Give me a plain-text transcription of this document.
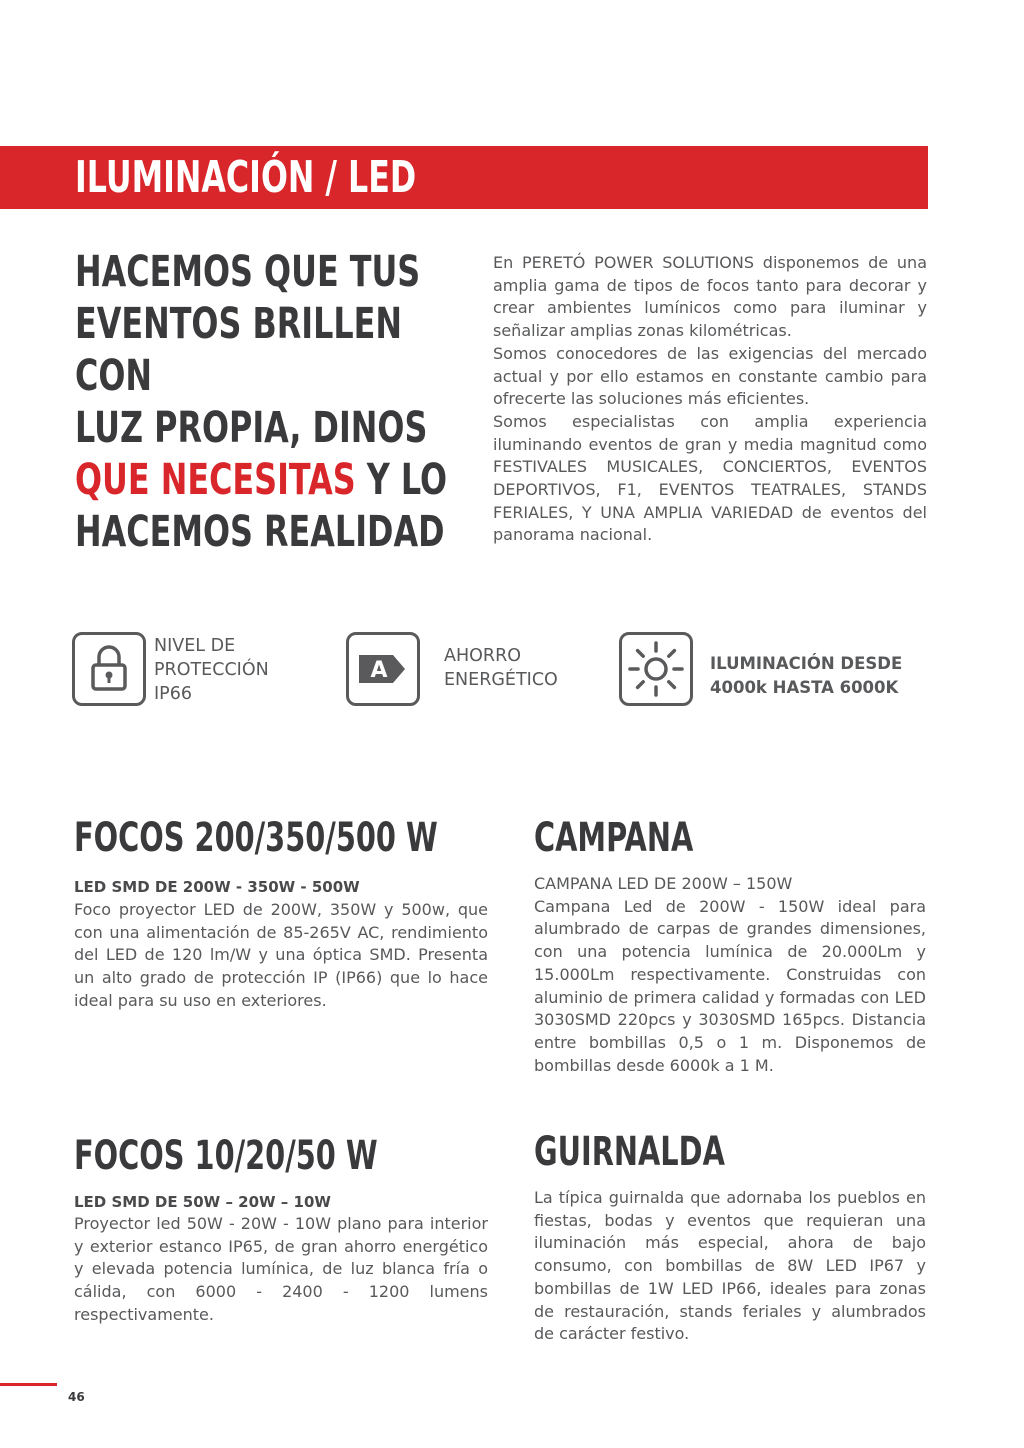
ILUMINACIÓN / LED
HACEMOS QUE TUS
EVENTOS BRILLEN CON
LUZ PROPIA, DINOS
QUE NECESITAS Y LO
HACEMOS REALIDAD

En PERETÓ POWER SOLUTIONS disponemos de una amplia gama de tipos de focos tanto para decorar y crear ambientes lumínicos como para iluminar y señalizar amplias zonas kilométricas.

Somos conocedores de las exigencias del mercado actual y por ello estamos en constante cambio para ofrecerte las soluciones más eficientes.

Somos especialistas con amplia experiencia iluminando eventos de gran y media magnitud como FESTIVALES MUSICALES, CONCIERTOS, EVENTOS DEPORTIVOS, F1, EVENTOS TEATRALES, STANDS FERIALES, Y UNA AMPLIA VARIEDAD de eventos del panorama nacional.

NIVEL DE
PROTECCIÓN
IP66
A
AHORRO
ENERGÉTICO
ILUMINACIÓN DESDE
4000k HASTA 6000K
FOCOS 200/350/500 W
LED SMD DE 200W - 350W - 500W

Foco proyector LED de 200W, 350W y 500w, que con una alimentación de 85-265V AC, rendimiento del LED de 120 lm/W y una óptica SMD. Presenta un alto grado de protección IP (IP66) que lo hace ideal para su uso en exteriores.

CAMPANA

CAMPANA LED DE 200W – 150W

Campana Led de 200W - 150W ideal para alumbrado de carpas de grandes dimensiones, con una potencia lumínica de 20.000Lm y 15.000Lm respectivamente. Construidas con aluminio de primera calidad y formadas con LED 3030SMD 220pcs y 3030SMD 165pcs. Distancia entre bombillas 0,5 o 1 m. Disponemos de bombillas desde 6000k a 1 M.

FOCOS 10/20/50 W
LED SMD DE 50W – 20W – 10W

Proyector led 50W - 20W - 10W plano para interior y exterior estanco IP65, de gran ahorro energético y elevada potencia lumínica, de luz blanca fría o cálida, con 6000 - 2400 - 1200 lumens respectivamente.

GUIRNALDA

La típica guirnalda que adornaba los pueblos en fiestas, bodas y eventos que requieran una iluminación más especial, ahora de bajo consumo, con bombillas de 8W LED IP67 y bombillas de 1W LED IP66, ideales para zonas de restauración, stands feriales y alumbrados de carácter festivo.

46
